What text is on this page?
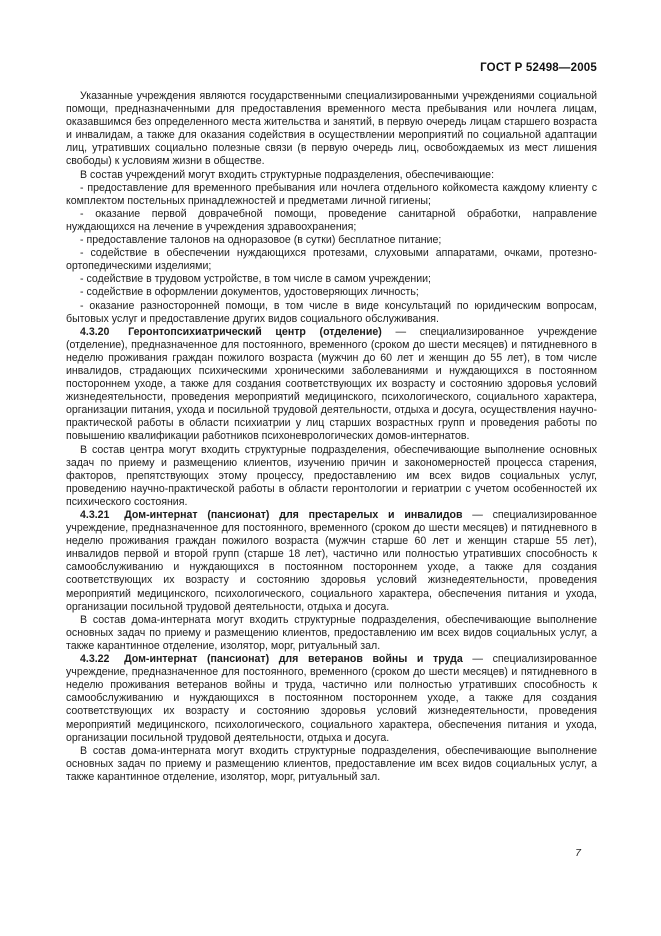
ГОСТ Р 52498—2005

Указанные учреждения являются государственными специализированными учреждениями социальной помощи, предназначенными для предоставления временного места пребывания или ночлега лицам, оказавшимся без определенного места жительства и занятий, в первую очередь лицам старшего возраста и инвалидам, а также для оказания содействия в осуществлении мероприятий по социальной адаптации лиц, утративших социально полезные связи (в первую очередь лиц, освобождаемых из мест лишения свободы) к условиям жизни в обществе.

В состав учреждений могут входить структурные подразделения, обеспечивающие:

- предоставление для временного пребывания или ночлега отдельного койкоместа каждому клиенту с комплектом постельных принадлежностей и предметами личной гигиены;

- оказание первой доврачебной помощи, проведение санитарной обработки, направление нуждающихся на лечение в учреждения здравоохранения;

- предоставление талонов на одноразовое (в сутки) бесплатное питание;

- содействие в обеспечении нуждающихся протезами, слуховыми аппаратами, очками, протезно-ортопедическими изделиями;

- содействие в трудовом устройстве, в том числе в самом учреждении;

- содействие в оформлении документов, удостоверяющих личность;

- оказание разносторонней помощи, в том числе в виде консультаций по юридическим вопросам, бытовых услуг и предоставление других видов социального обслуживания.

4.3.20 Геронтопсихиатрический центр (отделение) — специализированное учреждение (отделение), предназначенное для постоянного, временного (сроком до шести месяцев) и пятидневного в неделю проживания граждан пожилого возраста (мужчин до 60 лет и женщин до 55 лет), в том числе инвалидов, страдающих психическими хроническими заболеваниями и нуждающихся в постоянном постороннем уходе, а также для создания соответствующих их возрасту и состоянию здоровья условий жизнедеятельности, проведения мероприятий медицинского, психологического, социального характера, организации питания, ухода и посильной трудовой деятельности, отдыха и досуга, осуществления научно-практической работы в области психиатрии у лиц старших возрастных групп и проведения работы по повышению квалификации работников психоневрологических домов-интернатов.

В состав центра могут входить структурные подразделения, обеспечивающие выполнение основных задач по приему и размещению клиентов, изучению причин и закономерностей процесса старения, факторов, препятствующих этому процессу, предоставлению им всех видов социальных услуг, проведению научно-практической работы в области геронтологии и гериатрии с учетом особенностей их психического состояния.

4.3.21 Дом-интернат (пансионат) для престарелых и инвалидов — специализированное учреждение, предназначенное для постоянного, временного (сроком до шести месяцев) и пятидневного в неделю проживания граждан пожилого возраста (мужчин старше 60 лет и женщин старше 55 лет), инвалидов первой и второй групп (старше 18 лет), частично или полностью утративших способность к самообслуживанию и нуждающихся в постоянном постороннем уходе, а также для создания соответствующих их возрасту и состоянию здоровья условий жизнедеятельности, проведения мероприятий медицинского, психологического, социального характера, обеспечения питания и ухода, организации посильной трудовой деятельности, отдыха и досуга.

В состав дома-интерната могут входить структурные подразделения, обеспечивающие выполнение основных задач по приему и размещению клиентов, предоставлению им всех видов социальных услуг, а также карантинное отделение, изолятор, морг, ритуальный зал.

4.3.22 Дом-интернат (пансионат) для ветеранов войны и труда — специализированное учреждение, предназначенное для постоянного, временного (сроком до шести месяцев) и пятидневного в неделю проживания ветеранов войны и труда, частично или полностью утративших способность к самообслуживанию и нуждающихся в постоянном постороннем уходе, а также для создания соответствующих их возрасту и состоянию здоровья условий жизнедеятельности, проведения мероприятий медицинского, психологического, социального характера, обеспечения питания и ухода, организации посильной трудовой деятельности, отдыха и досуга.

В состав дома-интерната могут входить структурные подразделения, обеспечивающие выполнение основных задач по приему и размещению клиентов, предоставление им всех видов социальных услуг, а также карантинное отделение, изолятор, морг, ритуальный зал.

7
